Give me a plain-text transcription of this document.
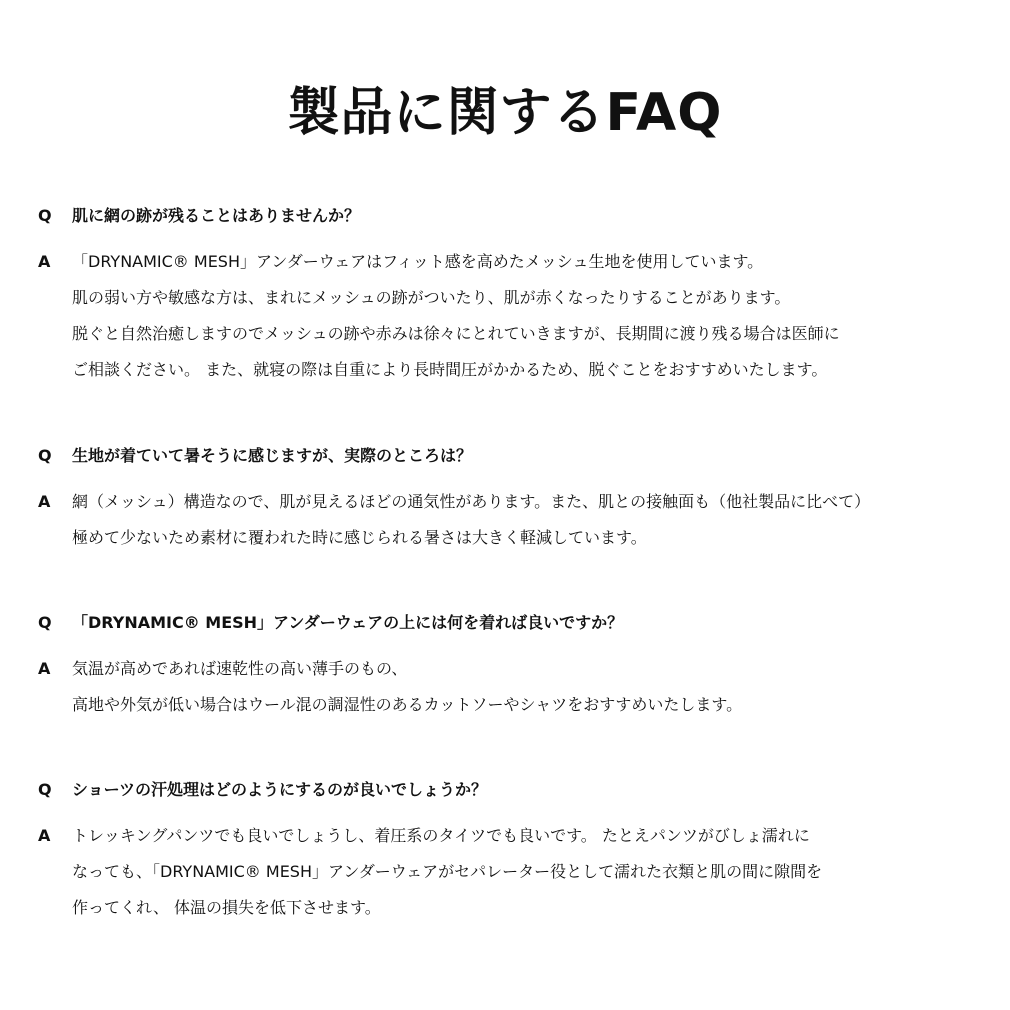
製品に関するFAQ
Q	肌に網の跡が残ることはありませんか？
A	「DRYNAMIC® MESH」アンダーウェアはフィット感を高めたメッシュ生地を使用しています。
肌の弱い方や敏感な方は、まれにメッシュの跡がついたり、肌が赤くなったりすることがあります。
脱ぐと自然治癒しますのでメッシュの跡や赤みは徐々にとれていきますが、長期間に渡り残る場合は医師に
ご相談ください。 また、就寝の際は自重により長時間圧がかかるため、脱ぐことをおすすめいたします。
Q	生地が着ていて暑そうに感じますが、実際のところは？
A	網（メッシュ）構造なので、肌が見えるほどの通気性があります。また、肌との接触面も（他社製品に比べて）
極めて少ないため素材に覆われた時に感じられる暑さは大きく軽減しています。
Q	「DRYNAMIC® MESH」アンダーウェアの上には何を着れば良いですか？
A	気温が高めであれば速乾性の高い薄手のもの、
高地や外気が低い場合はウール混の調湿性のあるカットソーやシャツをおすすめいたします。
Q	ショーツの汗処理はどのようにするのが良いでしょうか？
A	トレッキングパンツでも良いでしょうし、着圧系のタイツでも良いです。 たとえパンツがびしょ濡れに
なっても、「DRYNAMIC® MESH」アンダーウェアがセパレーター役として濡れた衣類と肌の間に隙間を
作ってくれ、 体温の損失を低下させます。
